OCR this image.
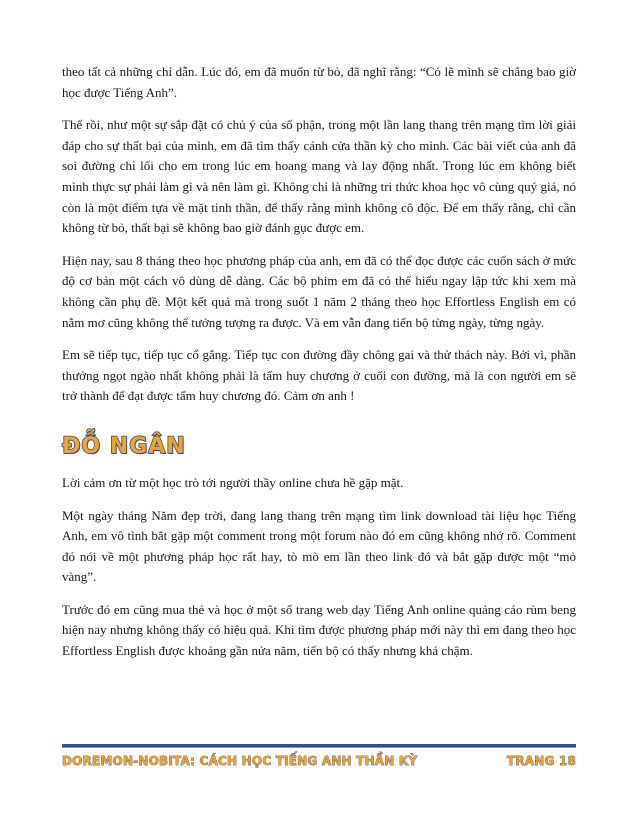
theo tất cả những chỉ dẫn. Lúc đó, em đã muốn từ bỏ, đã nghĩ rằng: “Có lẽ mình sẽ chẳng bao giờ học được Tiếng Anh”.

Thế rồi, như một sự sắp đặt có chủ ý của số phận, trong một lần lang thang trên mạng tìm lời giải đáp cho sự thất bại của mình, em đã tìm thấy cánh cửa thần kỳ cho mình. Các bài viết của anh đã soi đường chỉ lối cho em trong lúc em hoang mang và lay động nhất. Trong lúc em không biết mình thực sự phải làm gì và nên làm gì. Không chỉ là những tri thức khoa học vô cùng quý giá, nó còn là một điểm tựa về mặt tinh thần, để thấy rằng mình không cô độc. Để em thấy rằng, chỉ cần không từ bỏ, thất bại sẽ không bao giờ đánh gục được em.

Hiện nay, sau 8 tháng theo học phương pháp của anh, em đã có thể đọc được các cuốn sách ở mức độ cơ bản một cách vô dùng dễ dàng. Các bộ phim em đã có thể hiểu ngay lập tức khi xem mà không cần phụ đề. Một kết quả mà trong suốt 1 năm 2 tháng theo học Effortless English em có nằm mơ cũng không thể tưởng tượng ra được. Và em vẫn đang tiến bộ từng ngày, từng ngày.

Em sẽ tiếp tục, tiếp tục cố gắng. Tiếp tục con đường đầy chông gai và thử thách này. Bởi vì, phần thưởng ngọt ngào nhất không phải là tấm huy chương ở cuối con đường, mà là con người em sẽ trở thành để đạt được tấm huy chương đó. Cảm ơn anh !

ĐỖ NGÂN

Lời cảm ơn từ một học trò tới người thầy online chưa hề gặp mặt.

Một ngày tháng Năm đẹp trời, đang lang thang trên mạng tìm link download tài liệu học Tiếng Anh, em vô tình bắt gặp một comment trong một forum nào đó em cũng không nhớ rõ. Comment đó nói về một phương pháp học rất hay, tò mò em lần theo link đó và bắt gặp được một “mỏ vàng”.

Trước đó em cũng mua thẻ và học ở một số trang web dạy Tiếng Anh online quảng cáo rùm beng hiện nay nhưng không thấy có hiệu quả. Khi tìm được phương pháp mới này thì em đang theo học Effortless English được khoảng gần nửa năm, tiến bộ có thấy nhưng khá chậm.

DOREMON-NOBITA: CÁCH HỌC TIẾNG ANH THẦN KỲ	TRANG 18
